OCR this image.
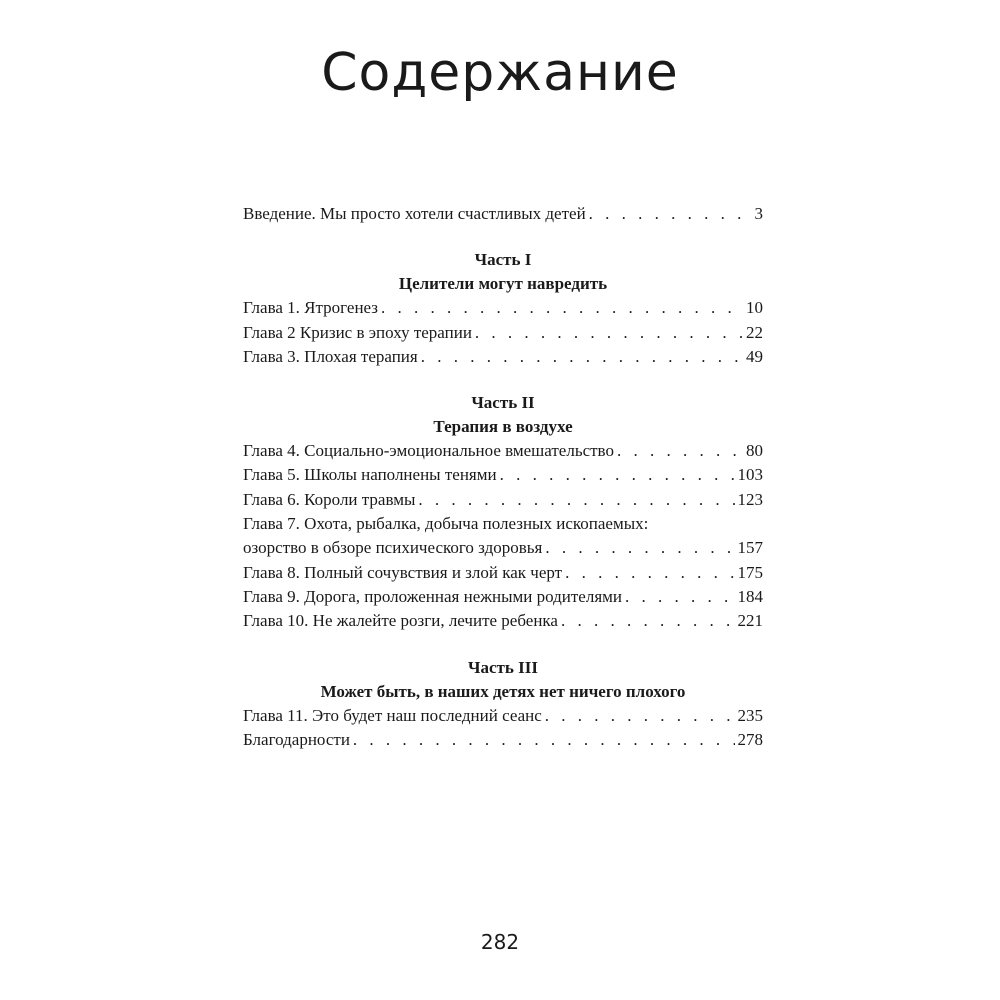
Содержание
Введение. Мы просто хотели счастливых детей . . .	3
Часть I
Целители могут навредить
Глава 1. Ятрогенез . . .	10
Глава 2 Кризис в эпоху терапии . . .	22
Глава 3. Плохая терапия . . .	49
Часть II
Терапия в воздухе
Глава 4. Социально-эмоциональное вмешательство . . .	80
Глава 5. Школы наполнены тенями . . .	103
Глава 6. Короли травмы . . .	123
Глава 7. Охота, рыбалка, добыча полезных ископаемых:
озорство в обзоре психического здоровья . . .	157
Глава 8. Полный сочувствия и злой как черт . . .	175
Глава 9. Дорога, проложенная нежными родителями . . .	184
Глава 10. Не жалейте розги, лечите ребенка . . .	221
Часть III
Может быть, в наших детях нет ничего плохого
Глава 11. Это будет наш последний сеанс . . .	235
Благодарности . . .	278
282
